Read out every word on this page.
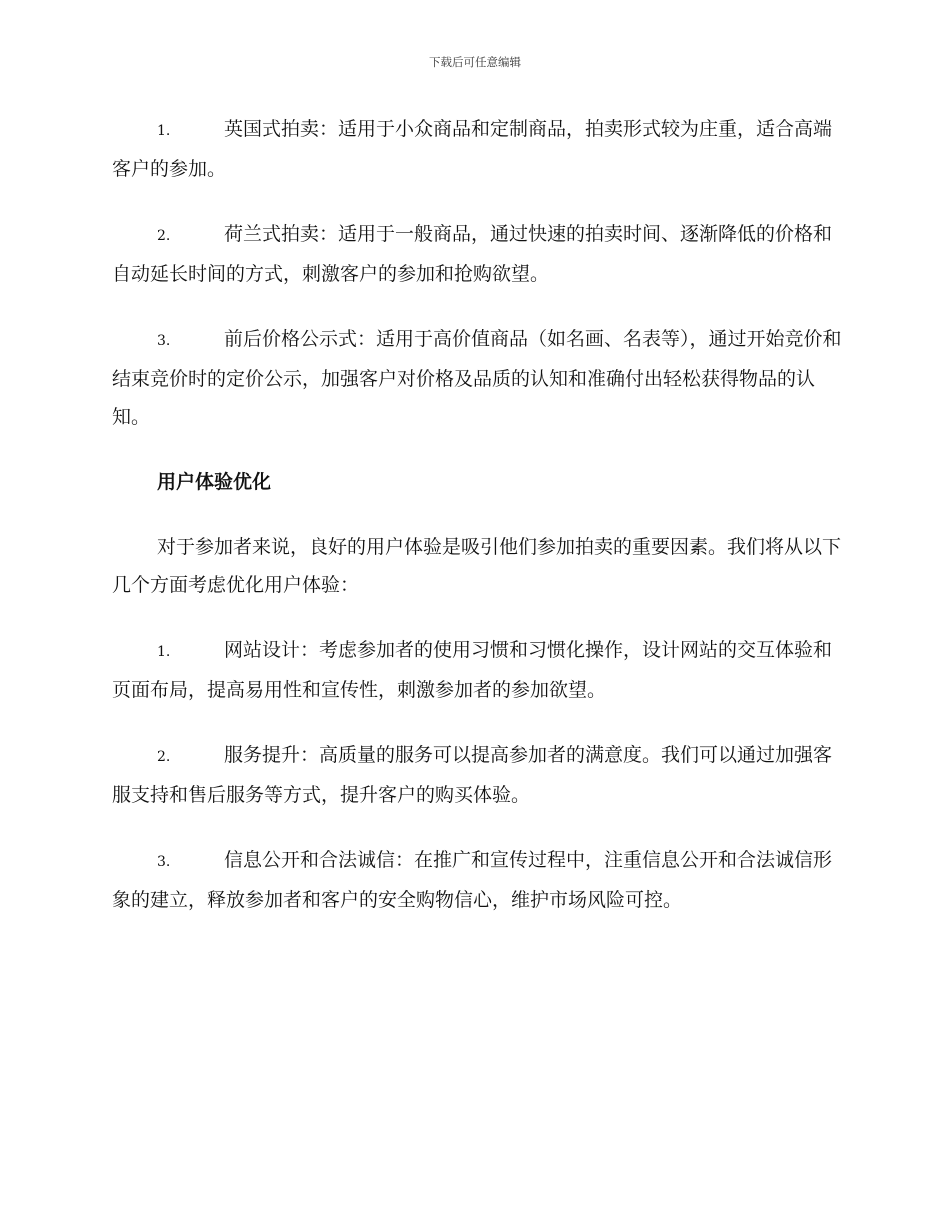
下载后可任意编辑
1.	英国式拍卖：适用于小众商品和定制商品，拍卖形式较为庄重，适合高端客户的参加。
2.	荷兰式拍卖：适用于一般商品，通过快速的拍卖时间、逐渐降低的价格和自动延长时间的方式，刺激客户的参加和抢购欲望。
3.	前后价格公示式：适用于高价值商品（如名画、名表等），通过开始竞价和结束竞价时的定价公示，加强客户对价格及品质的认知和准确付出轻松获得物品的认知。
用户体验优化
对于参加者来说，良好的用户体验是吸引他们参加拍卖的重要因素。我们将从以下几个方面考虑优化用户体验：
1.	网站设计：考虑参加者的使用习惯和习惯化操作，设计网站的交互体验和页面布局，提高易用性和宣传性，刺激参加者的参加欲望。
2.	服务提升：高质量的服务可以提高参加者的满意度。我们可以通过加强客服支持和售后服务等方式，提升客户的购买体验。
3.	信息公开和合法诚信：在推广和宣传过程中，注重信息公开和合法诚信形象的建立，释放参加者和客户的安全购物信心，维护市场风险可控。
